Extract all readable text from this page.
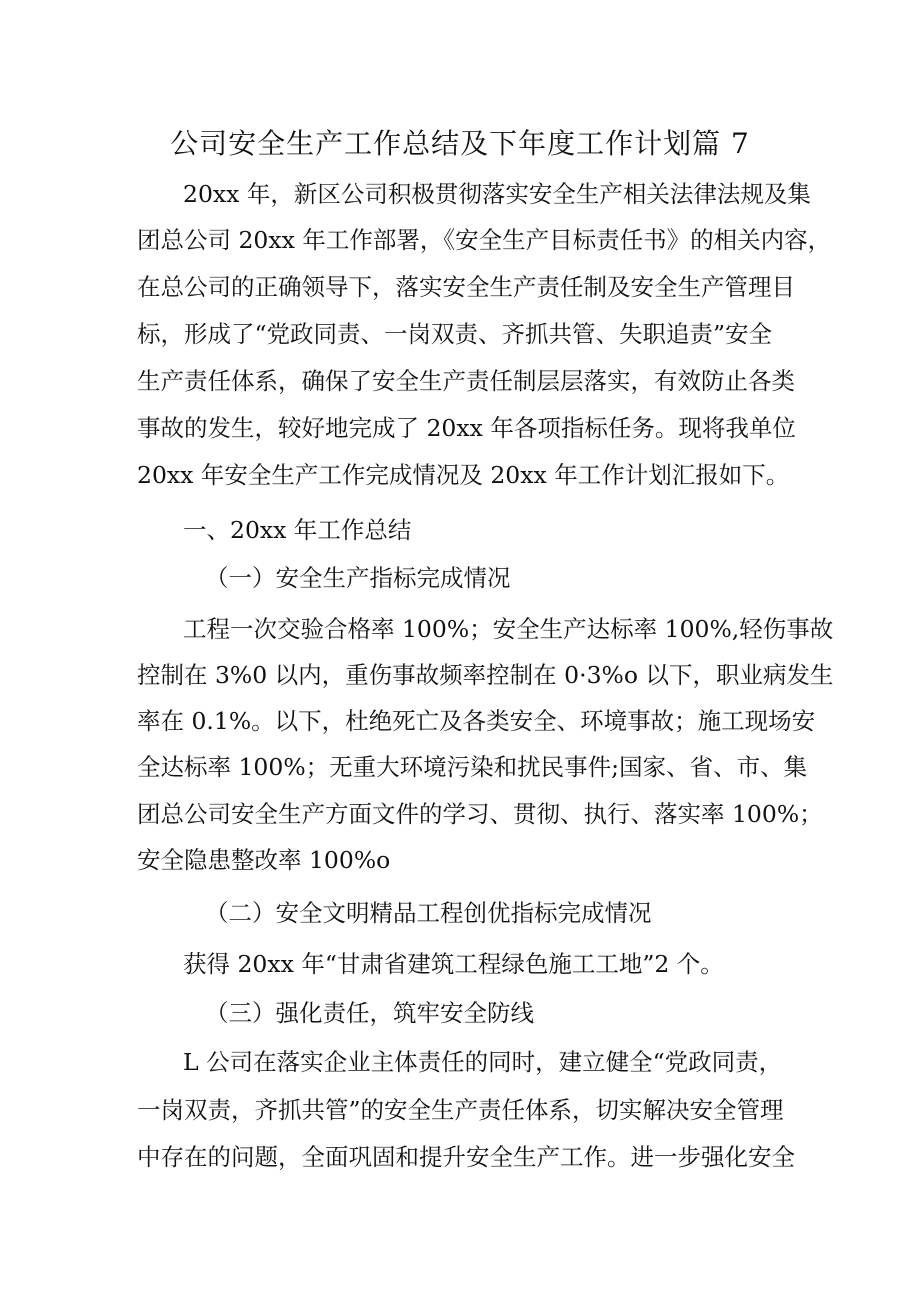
公司安全生产工作总结及下年度工作计划篇 7
20xx 年，新区公司积极贯彻落实安全生产相关法律法规及集
团总公司 20xx 年工作部署，《安全生产目标责任书》的相关内容，
在总公司的正确领导下，落实安全生产责任制及安全生产管理目
标，形成了“党政同责、一岗双责、齐抓共管、失职追责”安全
生产责任体系，确保了安全生产责任制层层落实，有效防止各类
事故的发生，较好地完成了 20xx 年各项指标任务。现将我单位
20xx 年安全生产工作完成情况及 20xx 年工作计划汇报如下。
一、20xx 年工作总结
（一）安全生产指标完成情况
工程一次交验合格率 100%；安全生产达标率 100%,轻伤事故
控制在 3%0 以内，重伤事故频率控制在 0·3%o 以下，职业病发生
率在 0.1%。以下，杜绝死亡及各类安全、环境事故；施工现场安
全达标率 100%；无重大环境污染和扰民事件;国家、省、市、集
团总公司安全生产方面文件的学习、贯彻、执行、落实率 100%；
安全隐患整改率 100%o
（二）安全文明精品工程创优指标完成情况
获得 20xx 年“甘肃省建筑工程绿色施工工地”2 个。
（三）强化责任，筑牢安全防线
L 公司在落实企业主体责任的同时，建立健全“党政同责，
一岗双责，齐抓共管”的安全生产责任体系，切实解决安全管理
中存在的问题，全面巩固和提升安全生产工作。进一步强化安全
